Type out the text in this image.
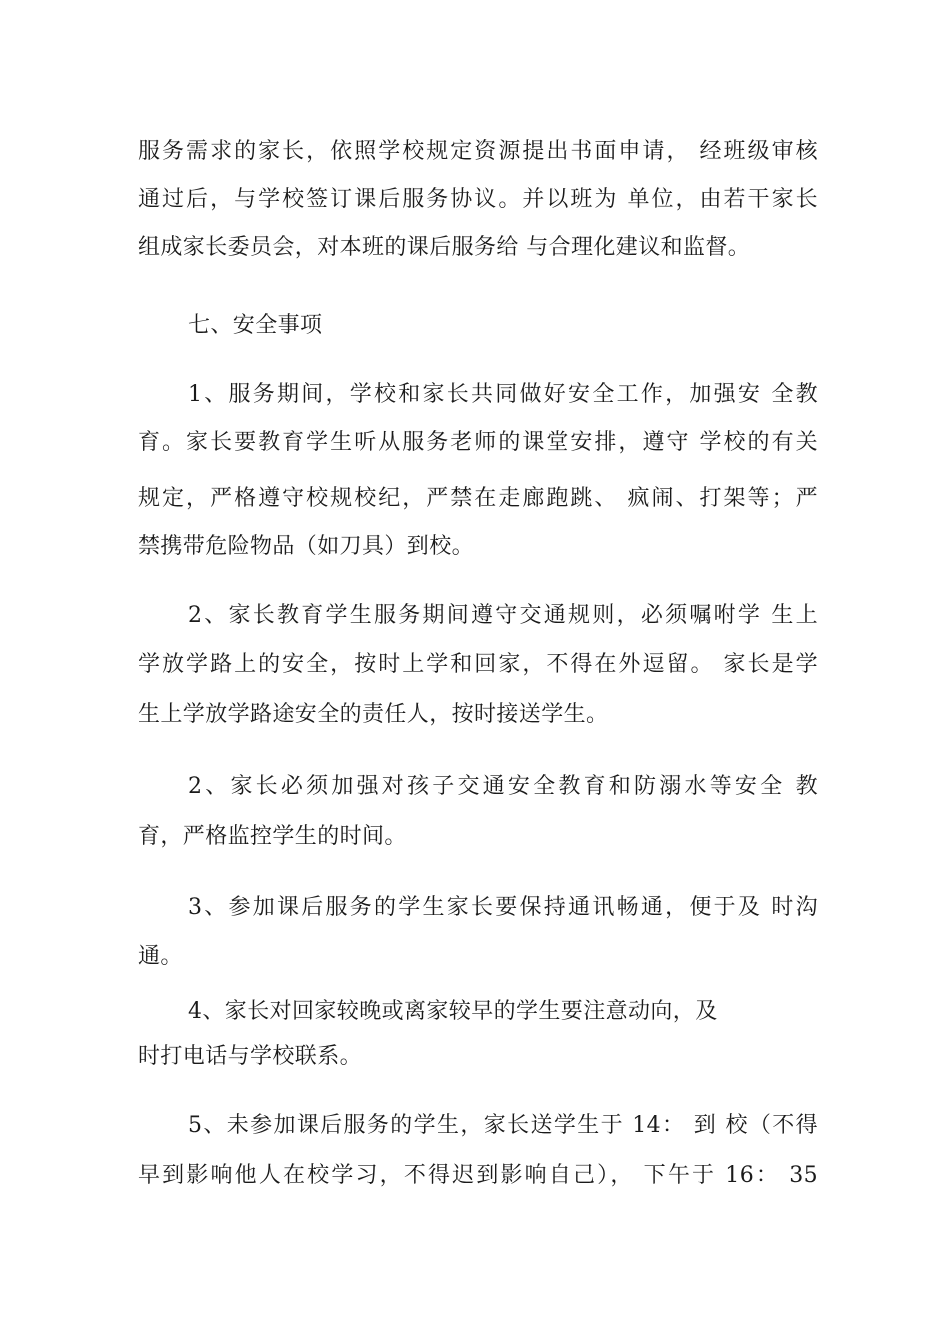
服务需求的家长，依照学校规定资源提出书面申请， 经班级审核
通过后，与学校签订课后服务协议。并以班为 单位，由若干家长
组成家长委员会，对本班的课后服务给 与合理化建议和监督。
七、安全事项
1、服务期间，学校和家长共同做好安全工作，加强安 全教
育。家长要教育学生听从服务老师的课堂安排，遵守 学校的有关
规定，严格遵守校规校纪，严禁在走廊跑跳、 疯闹、打架等；严
禁携带危险物品（如刀具）到校。
2、家长教育学生服务期间遵守交通规则，必须嘱咐学 生上
学放学路上的安全，按时上学和回家，不得在外逗留。 家长是学
生上学放学路途安全的责任人，按时接送学生。
2、家长必须加强对孩子交通安全教育和防溺水等安全 教
育，严格监控学生的时间。
3、参加课后服务的学生家长要保持通讯畅通，便于及 时沟
通。
4、家长对回家较晚或离家较早的学生要注意动向，及
时打电话与学校联系。
5、未参加课后服务的学生，家长送学生于 14： 到 校（不得
早到影响他人在校学习，不得迟到影响自己）， 下午于 16： 35
